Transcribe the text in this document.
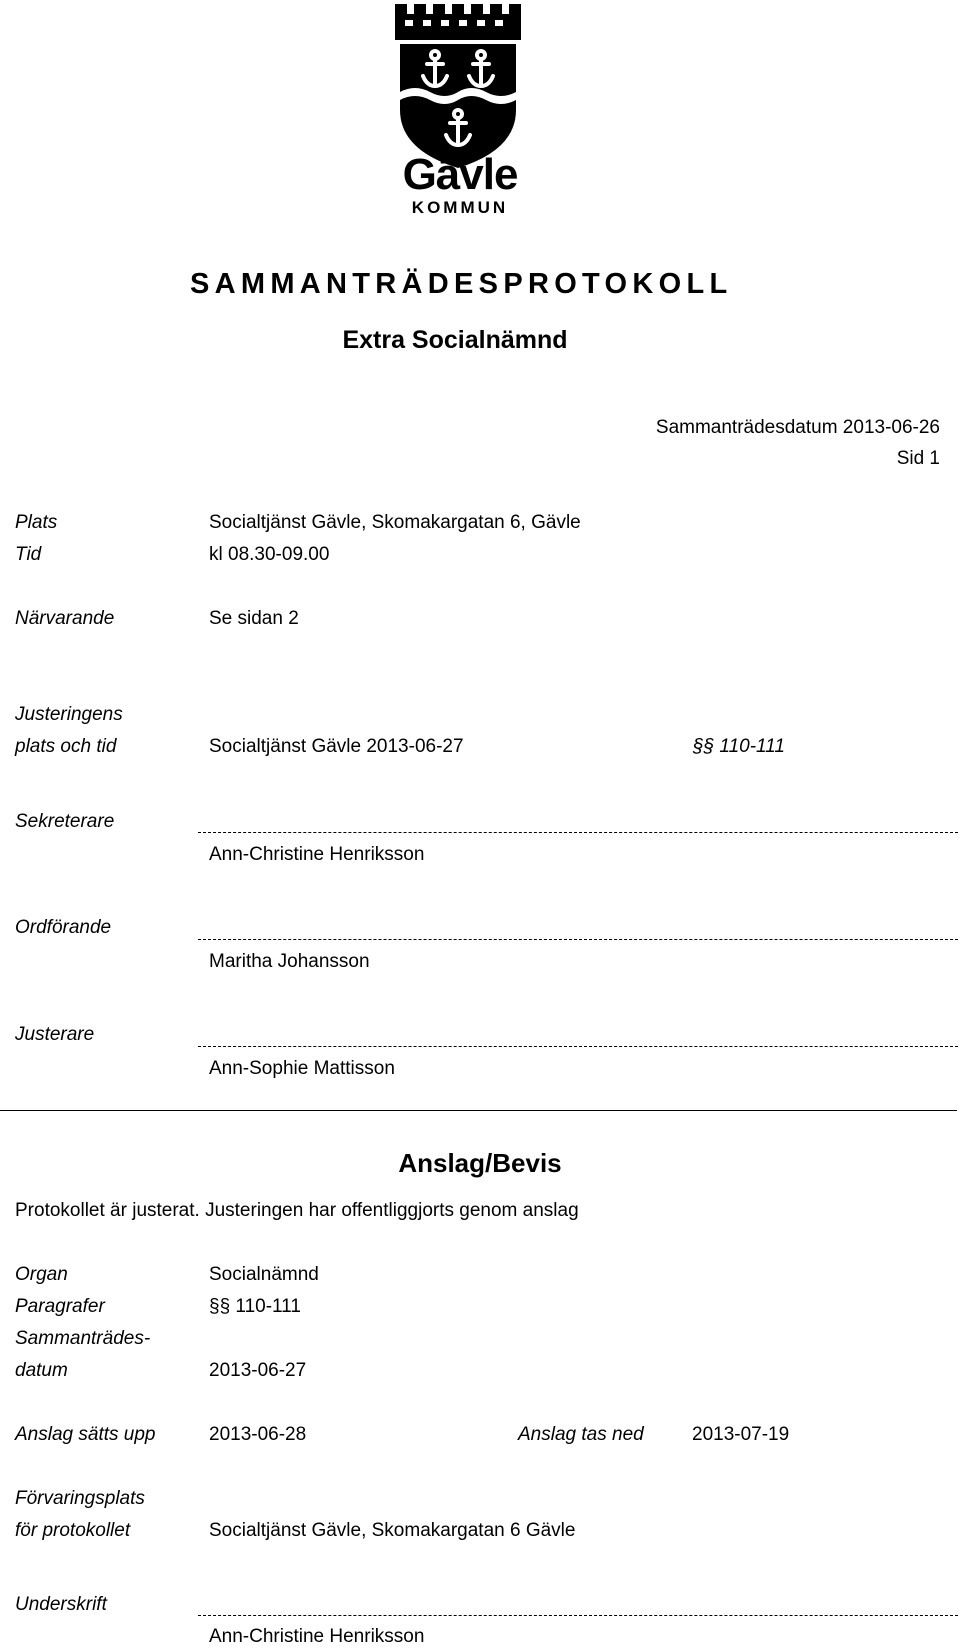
Gävle
KOMMUN
SAMMANTRÄDESPROTOKOLL
Extra Socialnämnd
Sammanträdesdatum 2013-06-26
Sid 1
Plats	Socialtjänst Gävle, Skomakargatan 6, Gävle
Tid	kl 08.30-09.00
Närvarande	Se sidan 2
Justeringens
plats och tid	Socialtjänst Gävle 2013-06-27	§§ 110-111
Sekreterare
Ann-Christine Henriksson
Ordförande
Maritha Johansson
Justerare
Ann-Sophie Mattisson
Anslag/Bevis
Protokollet är justerat. Justeringen har offentliggjorts genom anslag
Organ	Socialnämnd
Paragrafer	§§ 110-111
Sammanträdes-
datum	2013-06-27
Anslag sätts upp	2013-06-28	Anslag tas ned	2013-07-19
Förvaringsplats
för protokollet	Socialtjänst Gävle, Skomakargatan 6 Gävle
Underskrift
Ann-Christine Henriksson
